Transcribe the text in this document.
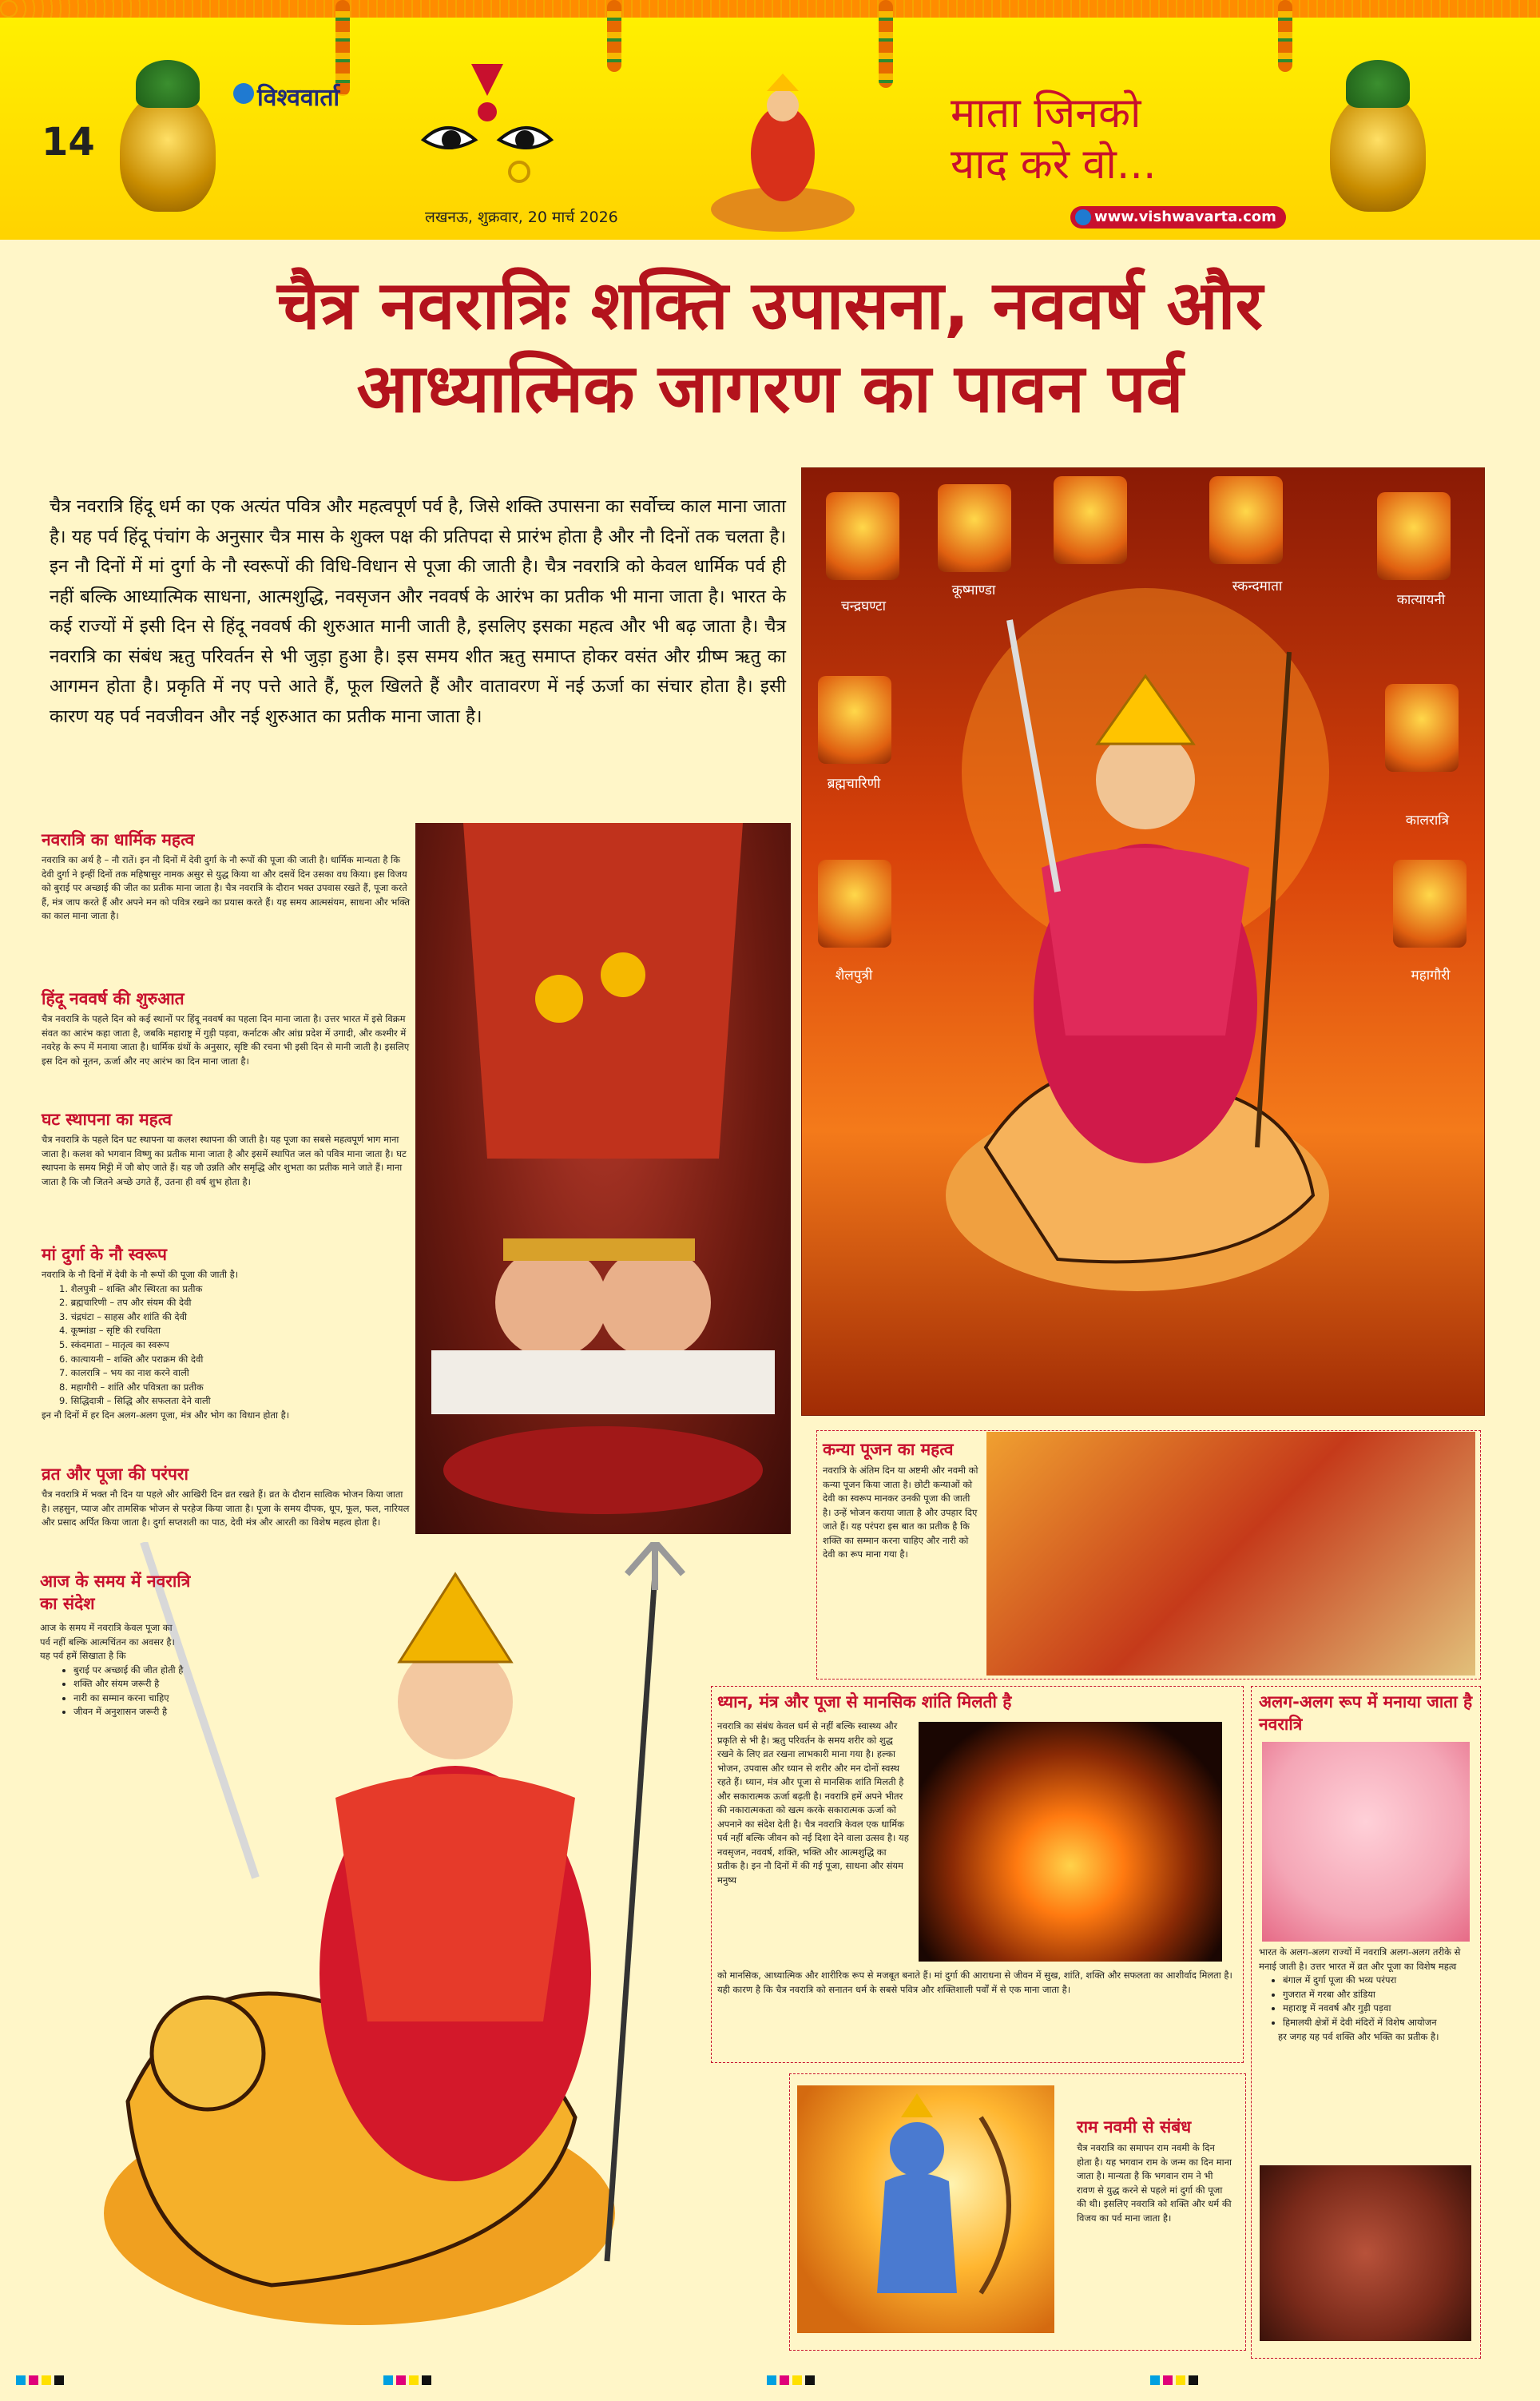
14
विश्ववार्ता
लखनऊ, शुक्रवार, 20 मार्च 2026
माता जिनको
याद करे वो...
www.vishwavarta.com
चैत्र नवरात्रिः शक्ति उपासना, नववर्ष और
आध्यात्मिक जागरण का पावन पर्व
चैत्र नवरात्रि हिंदू धर्म का एक अत्यंत पवित्र और महत्वपूर्ण पर्व है, जिसे शक्ति उपासना का सर्वोच्च काल माना जाता है। यह पर्व हिंदू पंचांग के अनुसार चैत्र मास के शुक्ल पक्ष की प्रतिपदा से प्रारंभ होता है और नौ दिनों तक चलता है। इन नौ दिनों में मां दुर्गा के नौ स्वरूपों की विधि-विधान से पूजा की जाती है। चैत्र नवरात्रि को केवल धार्मिक पर्व ही नहीं बल्कि आध्यात्मिक साधना, आत्मशुद्धि, नवसृजन और नववर्ष के आरंभ का प्रतीक भी माना जाता है। भारत के कई राज्यों में इसी दिन से हिंदू नववर्ष की शुरुआत मानी जाती है, इसलिए इसका महत्व और भी बढ़ जाता है। चैत्र नवरात्रि का संबंध ऋतु परिवर्तन से भी जुड़ा हुआ है। इस समय शीत ऋतु समाप्त होकर वसंत और ग्रीष्म ऋतु का आगमन होता है। प्रकृति में नए पत्ते आते हैं, फूल खिलते हैं और वातावरण में नई ऊर्जा का संचार होता है। इसी कारण यह पर्व नवजीवन और नई शुरुआत का प्रतीक माना जाता है।
कूष्माण्डा	स्कन्दमाता
चन्द्रघण्टा	कात्यायनी
ब्रह्मचारिणी
कालरात्रि
शैलपुत्री	महागौरी
नवरात्रि का धार्मिक महत्व
नवरात्रि का अर्थ है – नौ रातें। इन नौ दिनों में देवी दुर्गा के नौ रूपों की पूजा की जाती है। धार्मिक मान्यता है कि देवी दुर्गा ने इन्हीं दिनों तक महिषासुर नामक असुर से युद्ध किया था और दसवें दिन उसका वध किया। इस विजय को बुराई पर अच्छाई की जीत का प्रतीक माना जाता है। चैत्र नवरात्रि के दौरान भक्त उपवास रखते हैं, पूजा करते हैं, मंत्र जाप करते हैं और अपने मन को पवित्र रखने का प्रयास करते हैं। यह समय आत्मसंयम, साधना और भक्ति का काल माना जाता है।
हिंदू नववर्ष की शुरुआत
चैत्र नवरात्रि के पहले दिन को कई स्थानों पर हिंदू नववर्ष का पहला दिन माना जाता है। उत्तर भारत में इसे विक्रम संवत का आरंभ कहा जाता है, जबकि महाराष्ट्र में गुड़ी पड़वा, कर्नाटक और आंध्र प्रदेश में उगादी, और कश्मीर में नवरेह के रूप में मनाया जाता है। धार्मिक ग्रंथों के अनुसार, सृष्टि की रचना भी इसी दिन से मानी जाती है। इसलिए इस दिन को नूतन, ऊर्जा और नए आरंभ का दिन माना जाता है।
घट स्थापना का महत्व
चैत्र नवरात्रि के पहले दिन घट स्थापना या कलश स्थापना की जाती है। यह पूजा का सबसे महत्वपूर्ण भाग माना जाता है। कलश को भगवान विष्णु का प्रतीक माना जाता है और इसमें स्थापित जल को पवित्र माना जाता है। घट स्थापना के समय मिट्टी में जौ बोए जाते हैं। यह जौ उन्नति और समृद्धि और शुभता का प्रतीक माने जाते हैं। माना जाता है कि जौ जितने अच्छे उगते हैं, उतना ही वर्ष शुभ होता है।
मां दुर्गा के नौ स्वरूप
नवरात्रि के नौ दिनों में देवी के नौ रूपों की पूजा की जाती है।
1. शैलपुत्री – शक्ति और स्थिरता का प्रतीक
2. ब्रह्मचारिणी – तप और संयम की देवी
3. चंद्रघंटा – साहस और शांति की देवी
4. कूष्मांडा – सृष्टि की रचयिता
5. स्कंदमाता – मातृत्व का स्वरूप
6. कात्यायनी – शक्ति और पराक्रम की देवी
7. कालरात्रि – भय का नाश करने वाली
8. महागौरी – शांति और पवित्रता का प्रतीक
9. सिद्धिदात्री – सिद्धि और सफलता देने वाली
इन नौ दिनों में हर दिन अलग-अलग पूजा, मंत्र और भोग का विधान होता है।
व्रत और पूजा की परंपरा
चैत्र नवरात्रि में भक्त नौ दिन या पहले और आखिरी दिन व्रत रखते हैं। व्रत के दौरान सात्विक भोजन किया जाता है। लहसुन, प्याज और तामसिक भोजन से परहेज किया जाता है। पूजा के समय दीपक, धूप, फूल, फल, नारियल और प्रसाद अर्पित किया जाता है। दुर्गा सप्तशती का पाठ, देवी मंत्र और आरती का विशेष महत्व होता है।
आज के समय में नवरात्रि का संदेश
आज के समय में नवरात्रि केवल पूजा का पर्व नहीं बल्कि आत्मचिंतन का अवसर है। यह पर्व हमें सिखाता है कि
• बुराई पर अच्छाई की जीत होती है
• शक्ति और संयम जरूरी है
• नारी का सम्मान करना चाहिए
• जीवन में अनुशासन जरूरी है
कन्या पूजन का महत्व
नवरात्रि के अंतिम दिन या अष्टमी और नवमी को कन्या पूजन किया जाता है। छोटी कन्याओं को देवी का स्वरूप मानकर उनकी पूजा की जाती है। उन्हें भोजन कराया जाता है और उपहार दिए जाते हैं। यह परंपरा इस बात का प्रतीक है कि शक्ति का सम्मान करना चाहिए और नारी को देवी का रूप माना गया है।
ध्यान, मंत्र और पूजा से मानसिक शांति मिलती है
नवरात्रि का संबंध केवल धर्म से नहीं बल्कि स्वास्थ्य और प्रकृति से भी है। ऋतु परिवर्तन के समय शरीर को शुद्ध रखने के लिए व्रत रखना लाभकारी माना गया है। हल्का भोजन, उपवास और ध्यान से शरीर और मन दोनों स्वस्थ रहते हैं। ध्यान, मंत्र और पूजा से मानसिक शांति मिलती है और सकारात्मक ऊर्जा बढ़ती है। नवरात्रि हमें अपने भीतर की नकारात्मकता को खत्म करके सकारात्मक ऊर्जा को अपनाने का संदेश देती है। चैत्र नवरात्रि केवल एक धार्मिक पर्व नहीं बल्कि जीवन को नई दिशा देने वाला उत्सव है। यह नवसृजन, नववर्ष, शक्ति, भक्ति और आत्मशुद्धि का प्रतीक है। इन नौ दिनों में की गई पूजा, साधना और संयम मनुष्य
को मानसिक, आध्यात्मिक और शारीरिक रूप से मजबूत बनाते हैं। मां दुर्गा की आराधना से जीवन में सुख, शांति, शक्ति और सफलता का आशीर्वाद मिलता है। यही कारण है कि चैत्र नवरात्रि को सनातन धर्म के सबसे पवित्र और शक्तिशाली पर्वों में से एक माना जाता है।
अलग-अलग रूप में मनाया जाता है नवरात्रि
भारत के अलग-अलग राज्यों में नवरात्रि अलग-अलग तरीके से मनाई जाती है। उत्तर भारत में व्रत और पूजा का विशेष महत्व
• बंगाल में दुर्गा पूजा की भव्य परंपरा
• गुजरात में गरबा और डांडिया
• महाराष्ट्र में नववर्ष और गुड़ी पड़वा
• हिमालयी क्षेत्रों में देवी मंदिरों में विशेष आयोजन
हर जगह यह पर्व शक्ति और भक्ति का प्रतीक है।
राम नवमी से संबंध
चैत्र नवरात्रि का समापन राम नवमी के दिन होता है। यह भगवान राम के जन्म का दिन माना जाता है। मान्यता है कि भगवान राम ने भी रावण से युद्ध करने से पहले मां दुर्गा की पूजा की थी। इसलिए नवरात्रि को शक्ति और धर्म की विजय का पर्व माना जाता है।
